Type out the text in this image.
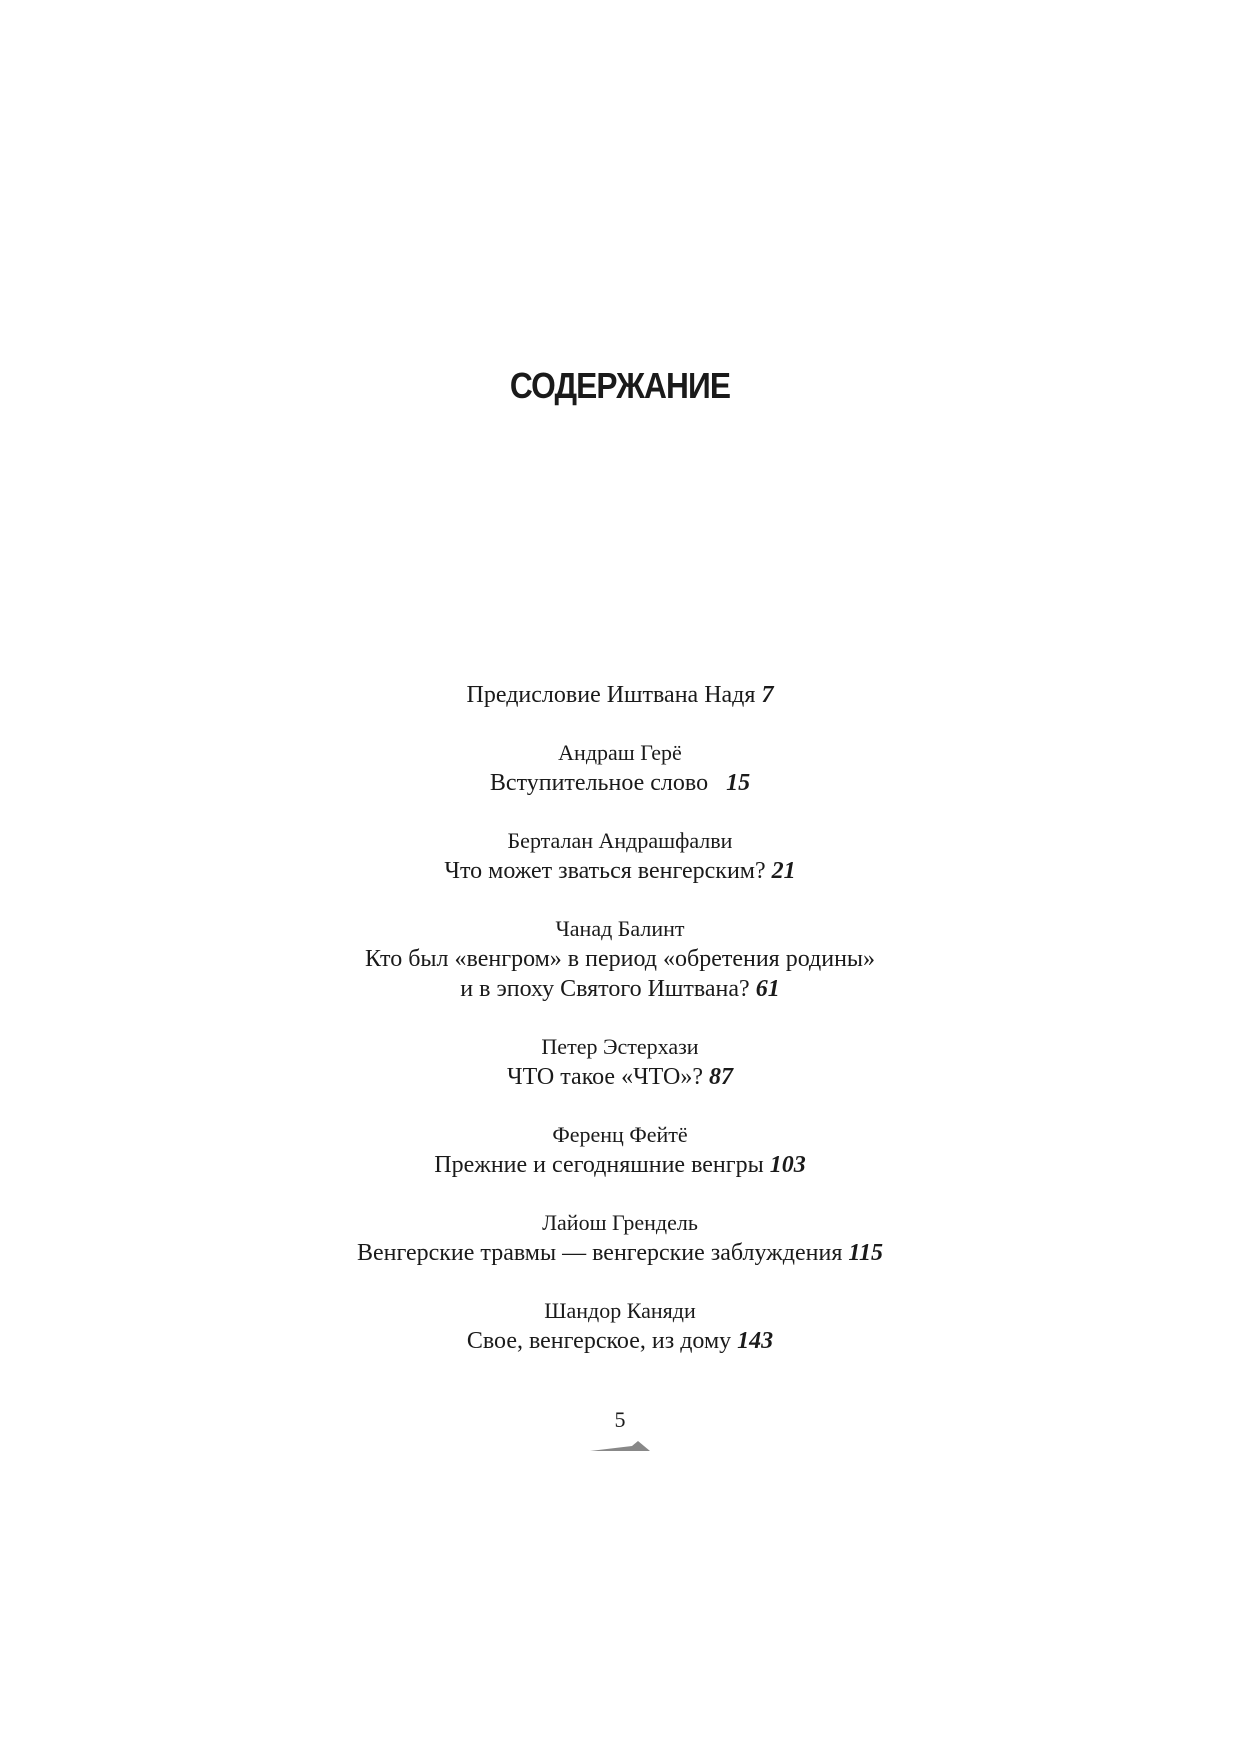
СОДЕРЖАНИЕ
Предисловие Иштвана Надя 7
Андраш Герё
Вступительное слово 15
Берталан Андрашфалви
Что может зваться венгерским? 21
Чанад Балинт
Кто был «венгром» в период «обретения родины»
и в эпоху Святого Иштвана? 61
Петер Эстерхази
ЧТО такое «ЧТО»? 87
Ференц Фейтё
Прежние и сегодняшние венгры 103
Лайош Грендель
Венгерские травмы — венгерские заблуждения 115
Шандор Каняди
Свое, венгерское, из дому 143
5
